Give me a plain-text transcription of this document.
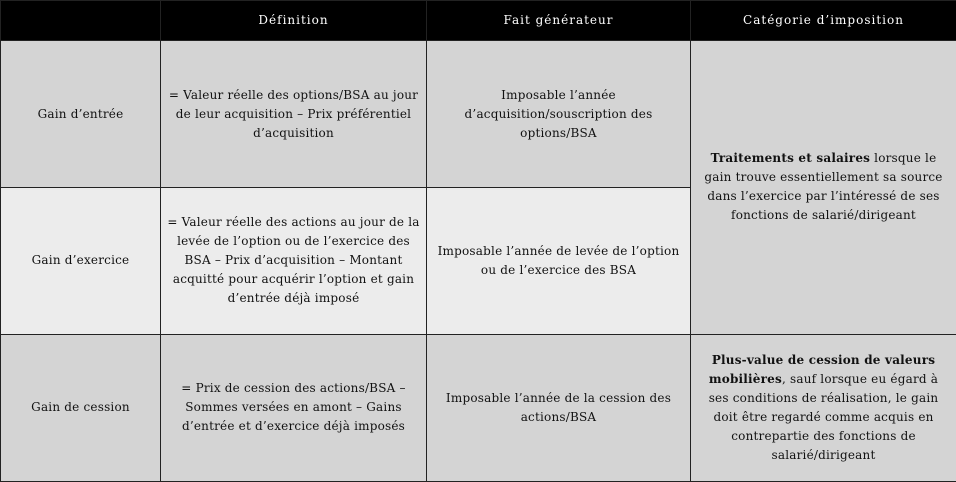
	Définition	Fait générateur	Catégorie d’imposition
Gain d’entrée	= Valeur réelle des options/BSA au jour de leur acquisition – Prix préférentiel d’acquisition	Imposable l’année d’acquisition/souscription des options/BSA	Traitements et salaires lorsque le gain trouve essentiellement sa source dans l’exercice par l’intéressé de ses fonctions de salarié/dirigeant
Gain d’exercice	= Valeur réelle des actions au jour de la levée de l’option ou de l’exercice des BSA – Prix d’acquisition – Montant acquitté pour acquérir l’option et gain d’entrée déjà imposé	Imposable l’année de levée de l’option ou de l’exercice des BSA	
Gain de cession	= Prix de cession des actions/BSA – Sommes versées en amont – Gains d’entrée et d’exercice déjà imposés	Imposable l’année de la cession des actions/BSA	Plus-value de cession de valeurs mobilières, sauf lorsque eu égard à ses conditions de réalisation, le gain doit être regardé comme acquis en contrepartie des fonctions de salarié/dirigeant
